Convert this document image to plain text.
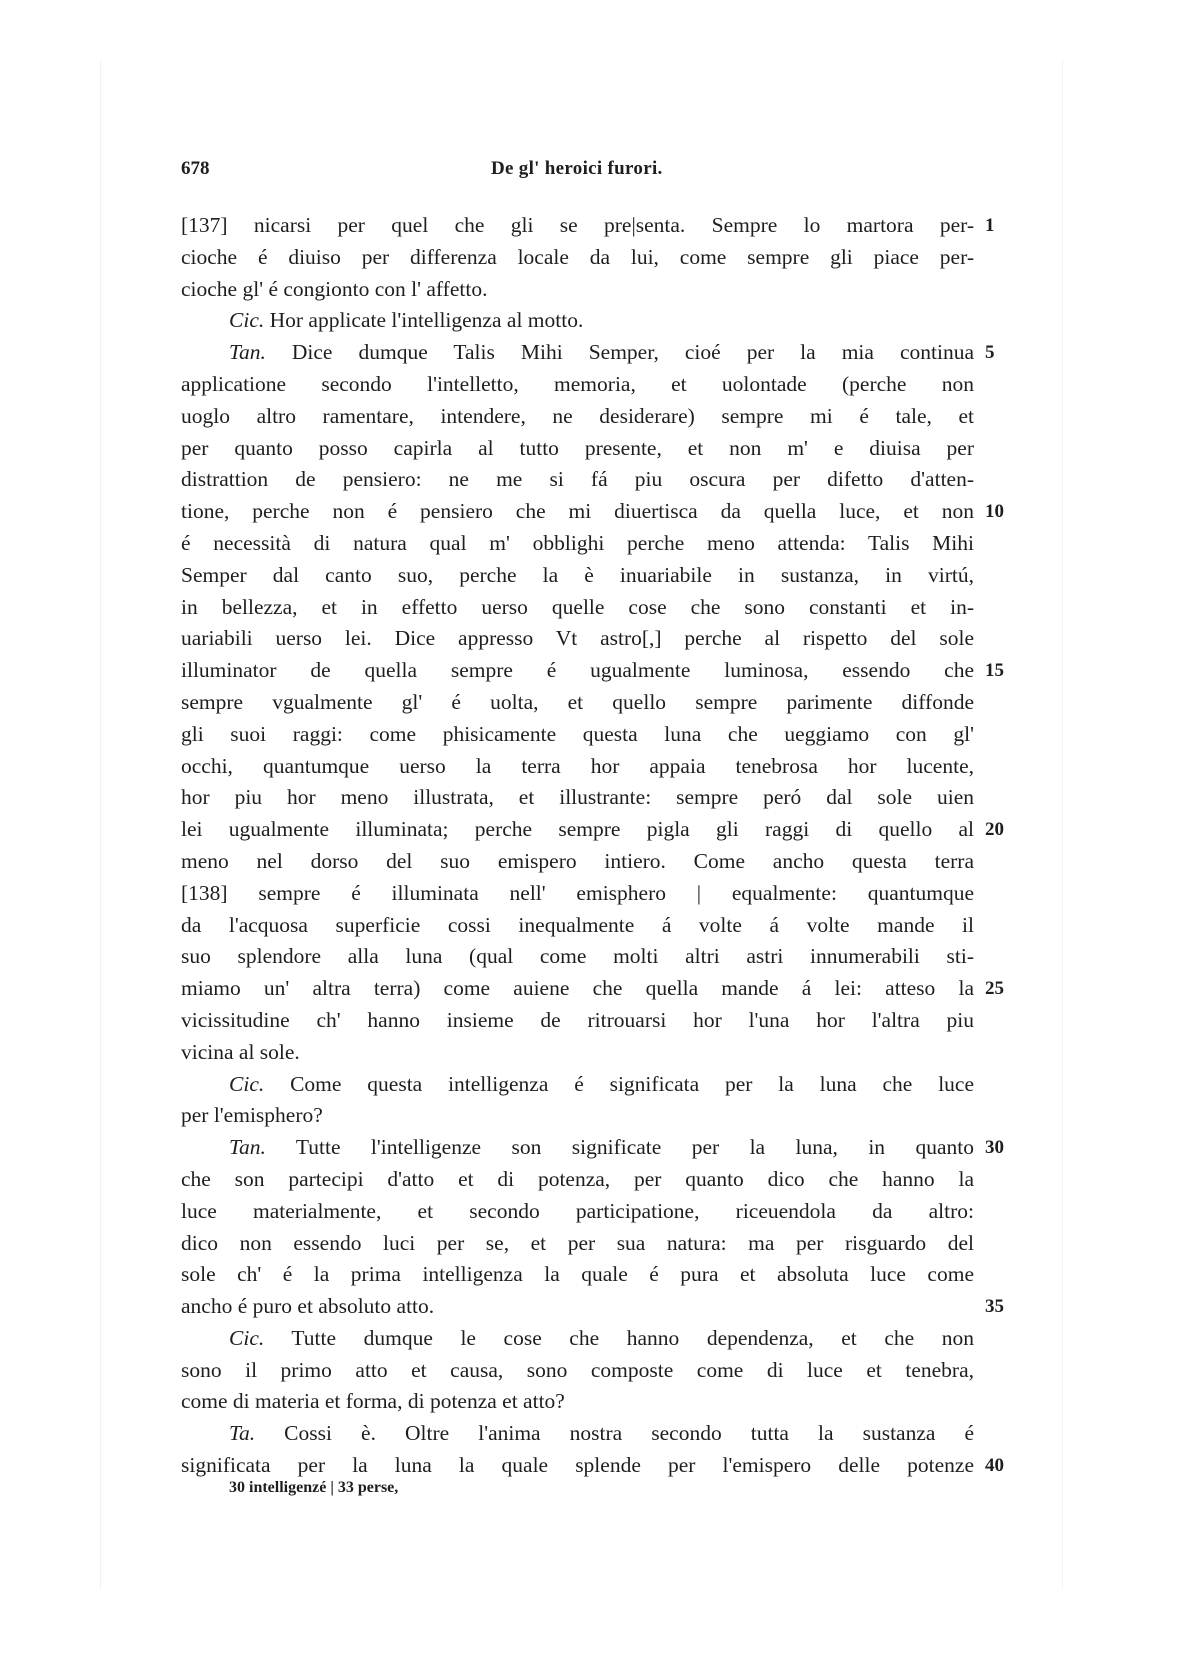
678	De gl' heroici furori.
[137] nicarsi per quel che gli se pre|senta. Sempre lo martora per- 1
cioche é diuiso per differenza locale da lui, come sempre gli piace per-
cioche gl' é congionto con l' affetto.
Cic. Hor applicate l'intelligenza al motto.
Tan. Dice dumque Talis Mihi Semper, cioé per la mia continua 5
applicatione secondo l'intelletto, memoria, et uolontade (perche non
uoglo altro ramentare, intendere, ne desiderare) sempre mi é tale, et
per quanto posso capirla al tutto presente, et non m' e diuisa per
distrattion de pensiero: ne me si fá piu oscura per difetto d'atten-
tione, perche non é pensiero che mi diuertisca da quella luce, et non 10
é necessità di natura qual m' obblighi perche meno attenda: Talis Mihi
Semper dal canto suo, perche la è inuariabile in sustanza, in virtú,
in bellezza, et in effetto uerso quelle cose che sono constanti et in-
uariabili uerso lei. Dice appresso Vt astro[,] perche al rispetto del sole
illuminator de quella sempre é ugualmente luminosa, essendo che 15
sempre vgualmente gl' é uolta, et quello sempre parimente diffonde
gli suoi raggi: come phisicamente questa luna che ueggiamo con gl'
occhi, quantumque uerso la terra hor appaia tenebrosa hor lucente,
hor piu hor meno illustrata, et illustrante: sempre peró dal sole uien
lei ugualmente illuminata; perche sempre pigla gli raggi di quello al 20
meno nel dorso del suo emispero intiero. Come ancho questa terra
[138] sempre é illuminata nell' emisphero | equalmente: quantumque
da l'acquosa superficie cossi inequalmente á volte á volte mande il
suo splendore alla luna (qual come molti altri astri innumerabili sti-
miamo un' altra terra) come auiene che quella mande á lei: atteso la 25
vicissitudine ch' hanno insieme de ritrouarsi hor l'una hor l'altra piu
vicina al sole.
Cic. Come questa intelligenza é significata per la luna che luce
per l'emisphero?
Tan. Tutte l'intelligenze son significate per la luna, in quanto 30
che son partecipi d'atto et di potenza, per quanto dico che hanno la
luce materialmente, et secondo participatione, riceuendola da altro:
dico non essendo luci per se, et per sua natura: ma per risguardo del
sole ch' é la prima intelligenza la quale é pura et absoluta luce come
ancho é puro et absoluto atto.	35
Cic. Tutte dumque le cose che hanno dependenza, et che non
sono il primo atto et causa, sono composte come di luce et tenebra,
come di materia et forma, di potenza et atto?
Ta. Cossi è. Oltre l'anima nostra secondo tutta la sustanza é
significata per la luna la quale splende per l'emispero delle potenze 40
30 intelligenzé | 33 perse,
